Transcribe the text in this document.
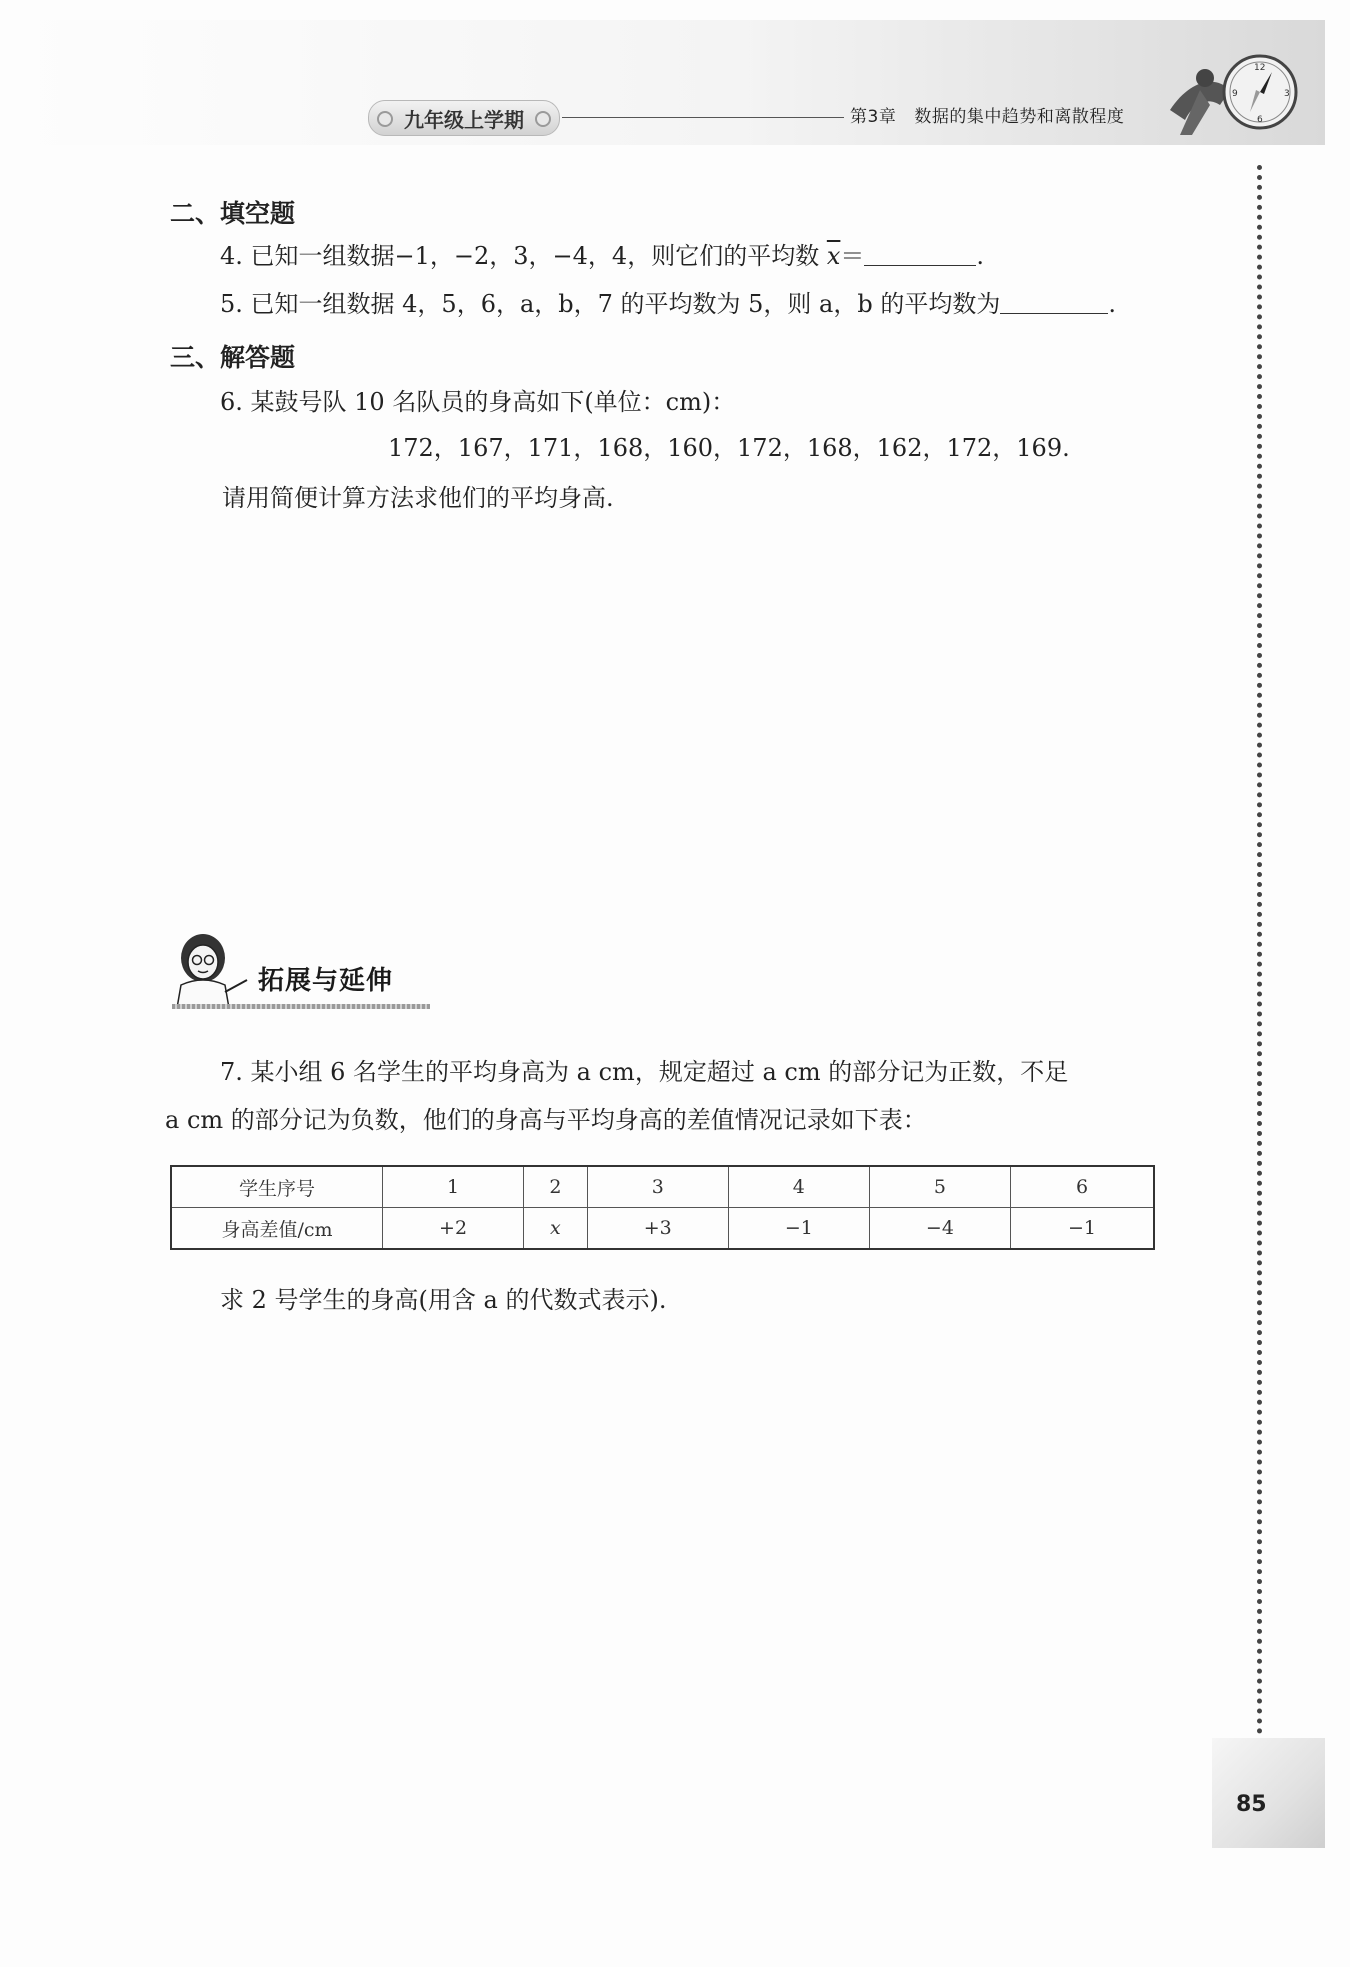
九年级上学期	第3章 数据的集中趋势和离散程度
12
3
6
9
二、填空题
4. 已知一组数据−1，−2，3，−4，4，则它们的平均数 $\overline{x}=$	.
5. 已知一组数据 4，5，6，a，b，7 的平均数为 5，则 a，b 的平均数为	.
三、解答题
6. 某鼓号队 10 名队员的身高如下(单位：cm)：
172，167，171，168，160，172，168，162，172，169.
请用简便计算方法求他们的平均身高.
拓展与延伸
7. 某小组 6 名学生的平均身高为 a cm，规定超过 a cm 的部分记为正数，不足
a cm 的部分记为负数，他们的身高与平均身高的差值情况记录如下表：
学生序号	1	2	3	4	5	6
身高差值/cm	+2	x	+3	−1	−4	−1
求 2 号学生的身高(用含 a 的代数式表示).
85
